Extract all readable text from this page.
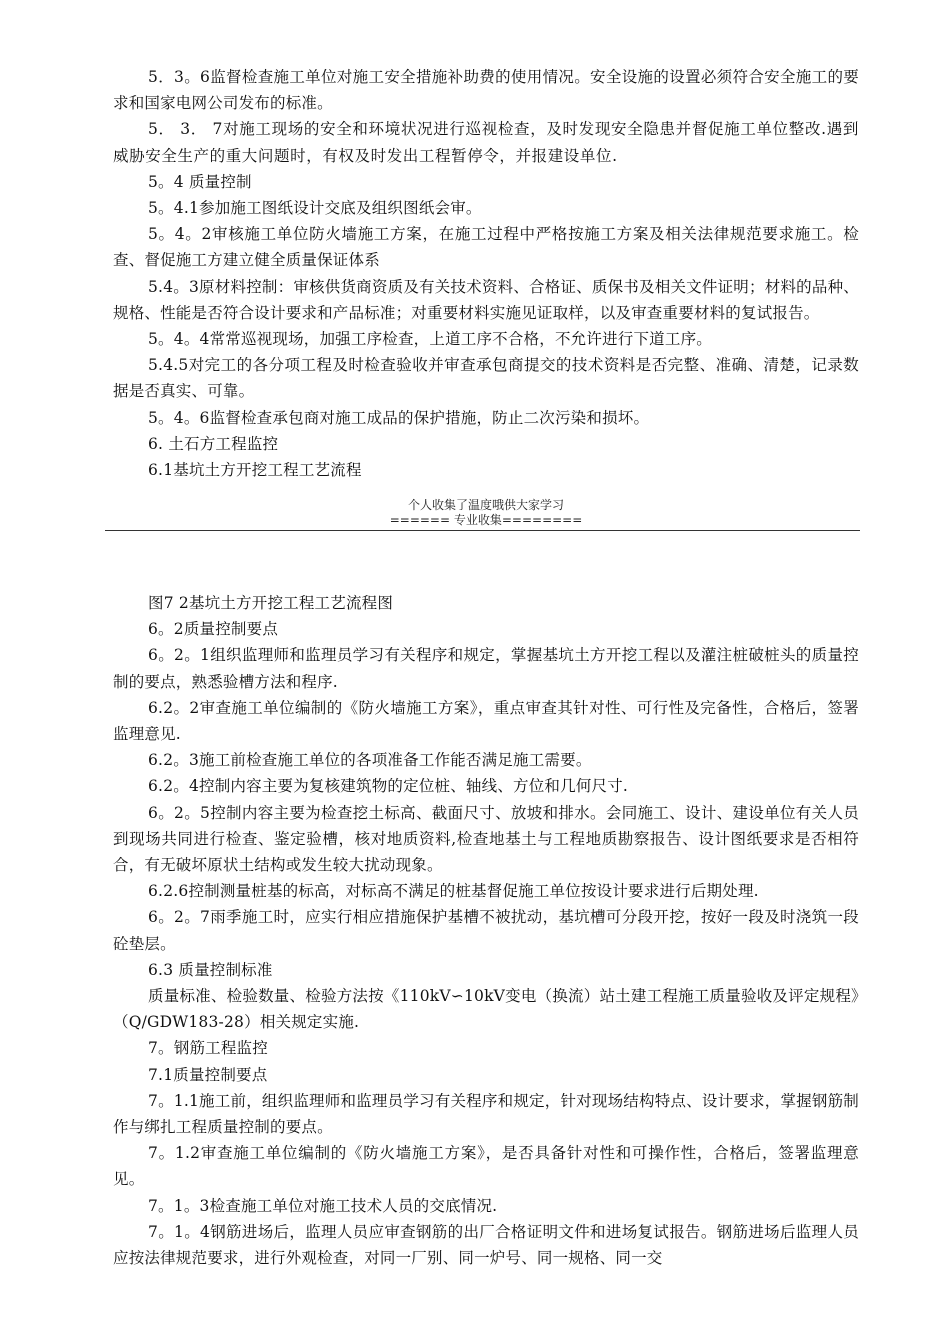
5．3。6监督检查施工单位对施工安全措施补助费的使用情况。安全设施的设置必须符合安全施工的要求和国家电网公司发布的标准。

5． 3． 7对施工现场的安全和环境状况进行巡视检查，及时发现安全隐患并督促施工单位整改.遇到威胁安全生产的重大问题时，有权及时发出工程暂停令，并报建设单位.

5。4 质量控制

5。4.1参加施工图纸设计交底及组织图纸会审。

5。4。2审核施工单位防火墙施工方案，在施工过程中严格按施工方案及相关法律规范要求施工。检查、督促施工方建立健全质量保证体系

5.4。3原材料控制：审核供货商资质及有关技术资料、合格证、质保书及相关文件证明；材料的品种、规格、性能是否符合设计要求和产品标准；对重要材料实施见证取样，以及审查重要材料的复试报告。

5。4。4常常巡视现场，加强工序检查，上道工序不合格，不允许进行下道工序。

5.4.5对完工的各分项工程及时检查验收并审查承包商提交的技术资料是否完整、准确、清楚，记录数据是否真实、可靠。

5。4。6监督检查承包商对施工成品的保护措施，防止二次污染和损坏。

6. 土石方工程监控

6.1基坑土方开挖工程工艺流程

个人收集了温度哦供大家学习
====== 专业收集========

图7 2基坑土方开挖工程工艺流程图

6。2质量控制要点

6。2。1组织监理师和监理员学习有关程序和规定，掌握基坑土方开挖工程以及灌注桩破桩头的质量控制的要点，熟悉验槽方法和程序.

6.2。2审查施工单位编制的《防火墙施工方案》，重点审查其针对性、可行性及完备性，合格后，签署监理意见.

6.2。3施工前检查施工单位的各项准备工作能否满足施工需要。

6.2。4控制内容主要为复核建筑物的定位桩、轴线、方位和几何尺寸.

6。2。5控制内容主要为检查挖土标高、截面尺寸、放坡和排水。会同施工、设计、建设单位有关人员到现场共同进行检查、鉴定验槽，核对地质资料,检查地基土与工程地质勘察报告、设计图纸要求是否相符合，有无破坏原状土结构或发生较大扰动现象。

6.2.6控制测量桩基的标高，对标高不满足的桩基督促施工单位按设计要求进行后期处理.

6。2。7雨季施工时，应实行相应措施保护基槽不被扰动，基坑槽可分段开挖，按好一段及时浇筑一段砼垫层。

6.3 质量控制标准

质量标准、检验数量、检验方法按《110kV∽10kV变电（换流）站土建工程施工质量验收及评定规程》（Q/GDW183-28）相关规定实施.

7。钢筋工程监控

7.1质量控制要点

7。1.1施工前，组织监理师和监理员学习有关程序和规定，针对现场结构特点、设计要求，掌握钢筋制作与绑扎工程质量控制的要点。

7。1.2审查施工单位编制的《防火墙施工方案》，是否具备针对性和可操作性，合格后，签署监理意见。

7。1。3检查施工单位对施工技术人员的交底情况.

7。1。4钢筋进场后，监理人员应审查钢筋的出厂合格证明文件和进场复试报告。钢筋进场后监理人员应按法律规范要求，进行外观检查，对同一厂别、同一炉号、同一规格、同一交
